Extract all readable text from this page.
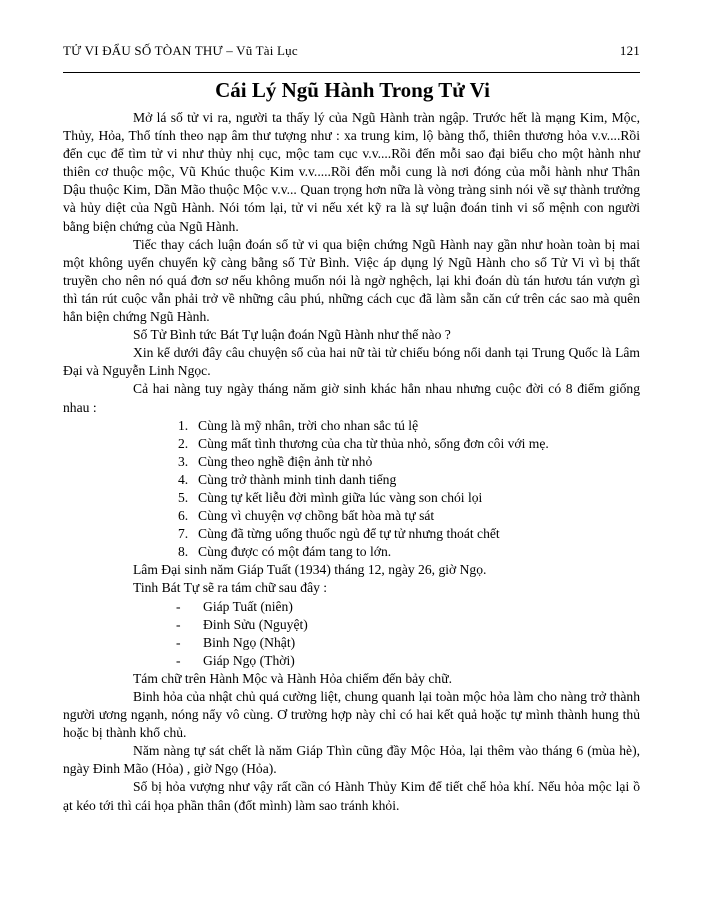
TỬ VI ĐẨU SỐ TÒAN THƯ – Vũ Tài Lục	121
Cái Lý Ngũ Hành Trong Tử Vi

Mở lá số tử vi ra, người ta thấy lý của Ngũ Hành tràn ngập. Trước hết là mạng Kim, Mộc, Thủy, Hỏa, Thổ tính theo nạp âm thư tượng như : xa trung kim, lộ bàng thổ, thiên thương hỏa v.v....Rồi đến cục để tìm tử vi như thủy nhị cục, mộc tam cục v.v....Rồi đến mỗi sao đại biểu cho một hành như thiên cơ thuộc mộc, Vũ Khúc thuộc Kim v.v.....Rồi đến mỗi cung là nơi đóng của mỗi hành như Thân Dậu thuộc Kim, Dần Mão thuộc Mộc v.v... Quan trọng hơn nữa là vòng tràng sinh nói về sự thành trưởng và hủy diệt của Ngũ Hành. Nói tóm lại, tử vi nếu xét kỹ ra là sự luận đoán tinh vi số mệnh con người bằng biện chứng của Ngũ Hành.

Tiếc thay cách luận đoán số tử vi qua biện chứng Ngũ Hành nay gần như hoàn toàn bị mai một không uyển chuyển kỹ càng bằng số Tử Bình. Việc áp dụng lý Ngũ Hành cho số Tử Vi vì bị thất truyền cho nên nó quá đơn sơ nếu không muốn nói là ngờ nghệch, lại khi đoán dù tán hươu tán vượn gì thì tán rút cuộc vẫn phải trở về những câu phú, những cách cục đã làm sẵn căn cứ trên các sao mà quên hẳn biện chứng Ngũ Hành.

Số Tử Bình tức Bát Tự luận đoán Ngũ Hành như thế nào ?

Xin kể dưới đây câu chuyện số của hai nữ tài tử chiếu bóng nổi danh tại Trung Quốc là Lâm Đại và Nguyễn Linh Ngọc.

Cả hai nàng tuy ngày tháng năm giờ sinh khác hẳn nhau nhưng cuộc đời có 8 điểm giống nhau :

1. Cùng là mỹ nhân, trời cho nhan sắc tú lệ
2. Cùng mất tình thương của cha từ thủa nhỏ, sống đơn côi với mẹ.
3. Cùng theo nghề điện ảnh từ nhỏ
4. Cùng trở thành minh tinh danh tiếng
5. Cùng tự kết liễu đời mình giữa lúc vàng son chói lọi
6. Cùng vì chuyện vợ chồng bất hòa mà tự sát
7. Cùng đã từng uống thuốc ngủ để tự tử nhưng thoát chết
8. Cùng được có một đám tang to lớn.

Lâm Đại sinh năm Giáp Tuất (1934) tháng 12, ngày 26, giờ Ngọ.

Tinh Bát Tự sẽ ra tám chữ sau đây :

- Giáp Tuất (niên)
- Đinh Sửu (Nguyệt)
- Binh Ngọ (Nhật)
- Giáp Ngọ (Thời)

Tám chữ trên Hành Mộc và Hành Hỏa chiếm đến bảy chữ.

Binh hỏa của nhật chủ quá cường liệt, chung quanh lại toàn mộc hỏa làm cho nàng trở thành người ương ngạnh, nóng nẩy vô cùng. Ơ trường hợp này chỉ có hai kết quả hoặc tự mình thành hung thủ hoặc bị thành khổ chủ.

Năm nàng tự sát chết là năm Giáp Thìn cũng đầy Mộc Hỏa, lại thêm vào tháng 6 (mùa hè), ngày Đinh Mão (Hỏa) , giờ Ngọ (Hỏa).

Số bị hỏa vượng như vậy rất cần có Hành Thủy Kim để tiết chế hỏa khí. Nếu hỏa mộc lại ồ ạt kéo tới thì cái họa phần thân (đốt mình) làm sao tránh khỏi.
